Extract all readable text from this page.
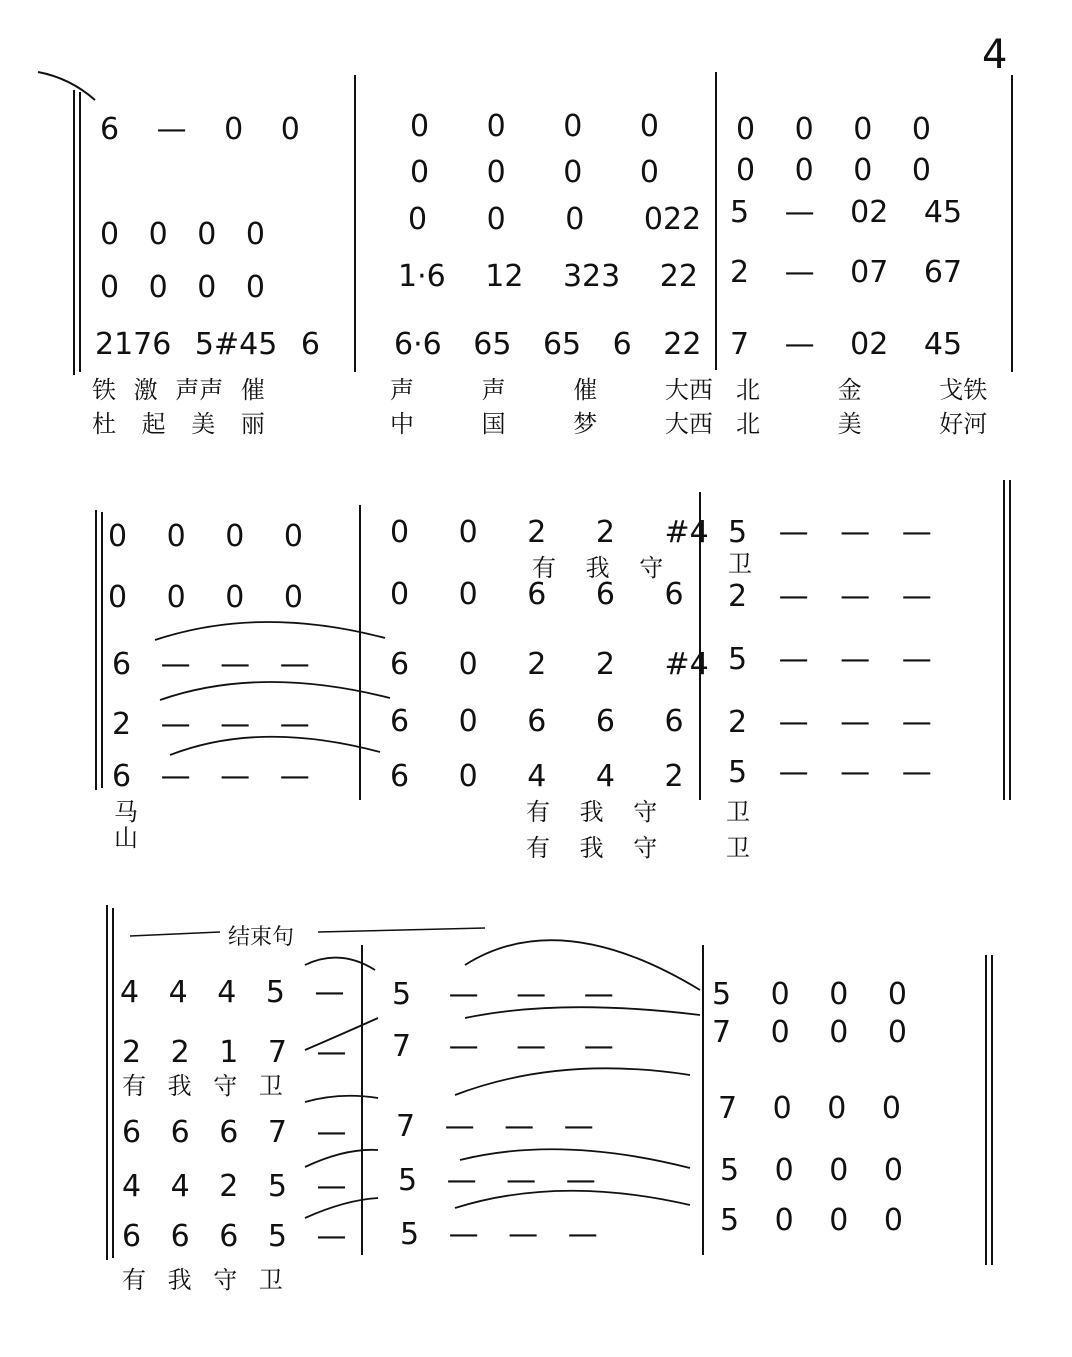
4
结束句
6 — 0 0
0 0 0 0
0 0 0 0
2176 5#45 6
铁 激 声声 催
杜 起 美 丽
0 0 0 0
0 0 0 0
0 0 0 022
1·6 12 323 22
6·6 65 65 6 22
声 声 催 大西
中 国 梦 大西
0 0 0 0
0 0 0 0
5 — 02 45
2 — 07 67
7 — 02 45
北 金 戈铁
北 美 好河
0 0 0 0
0 0 0 0
6 — — —
2 — — —
6 — — —
马
山
0 0 2 2 #4
有 我 守
0 0 6 6 6
6 0 2 2 #4
6 0 6 6 6
6 0 4 4 2
有 我 守
有 我 守
5 — — —
卫
2 — — —
5 — — —
2 — — —
5 — — —
卫
卫
4 4 4 5 —
2 2 1 7 —
有 我 守 卫
6 6 6 7 —
4 4 2 5 —
6 6 6 5 —
有 我 守 卫
5 — — —
7 — — —
7 — — —
5 — — —
5 — — —
5 0 0 0
7 0 0 0
7 0 0 0
5 0 0 0
5 0 0 0
